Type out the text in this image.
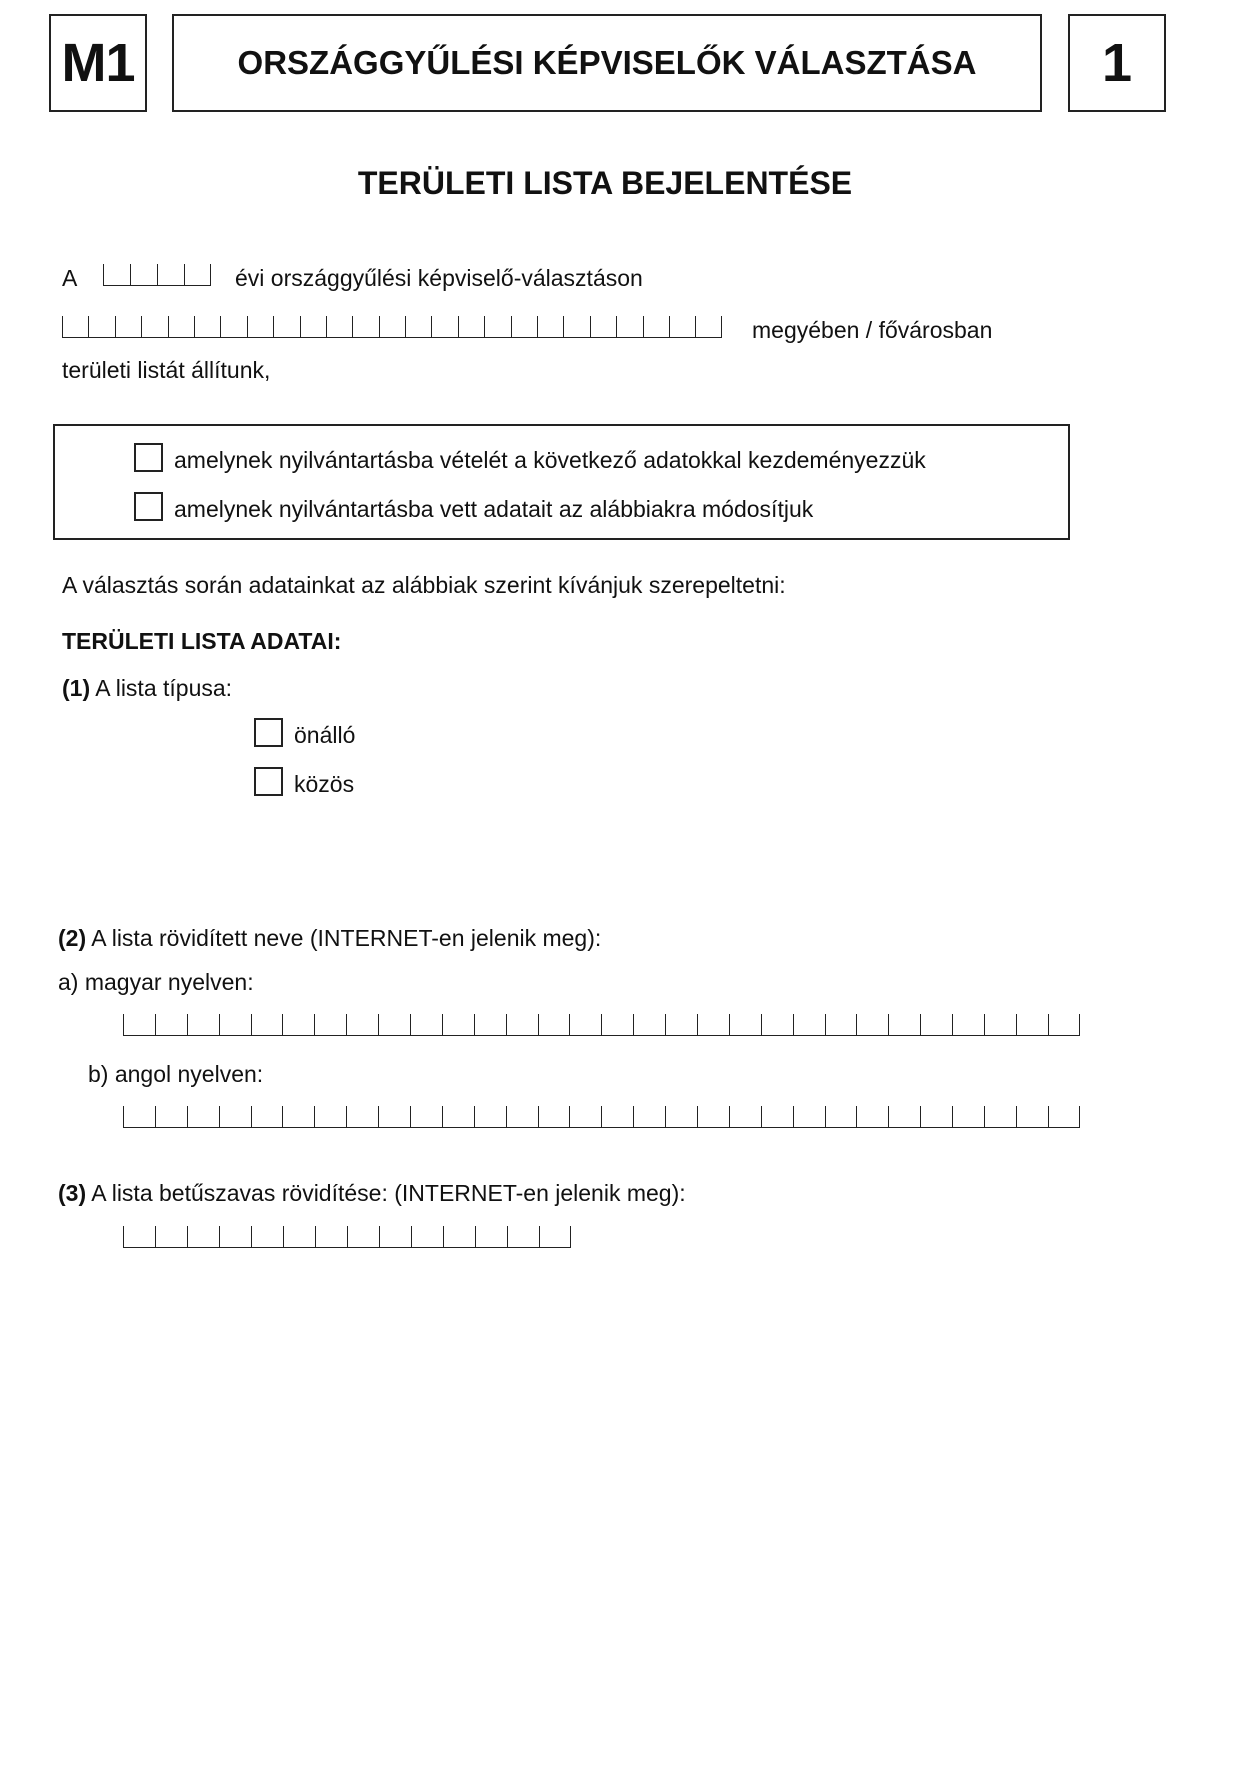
M1	ORSZÁGGYŰLÉSI KÉPVISELŐK VÁLASZTÁSA 1
TERÜLETI LISTA BEJELENTÉSE
A	évi országgyűlési képviselő-választáson
megyében / fővárosban
területi listát állítunk,
amelynek nyilvántartásba vételét a következő adatokkal kezdeményezzük
amelynek nyilvántartásba vett adatait az alábbiakra módosítjuk
A választás során adatainkat az alábbiak szerint kívánjuk szerepeltetni:
TERÜLETI LISTA ADATAI:
(1) A lista típusa:
önálló
közös
(2) A lista rövidített neve (INTERNET-en jelenik meg):
a) magyar nyelven:
b) angol nyelven:
(3) A lista betűszavas rövidítése: (INTERNET-en jelenik meg):
